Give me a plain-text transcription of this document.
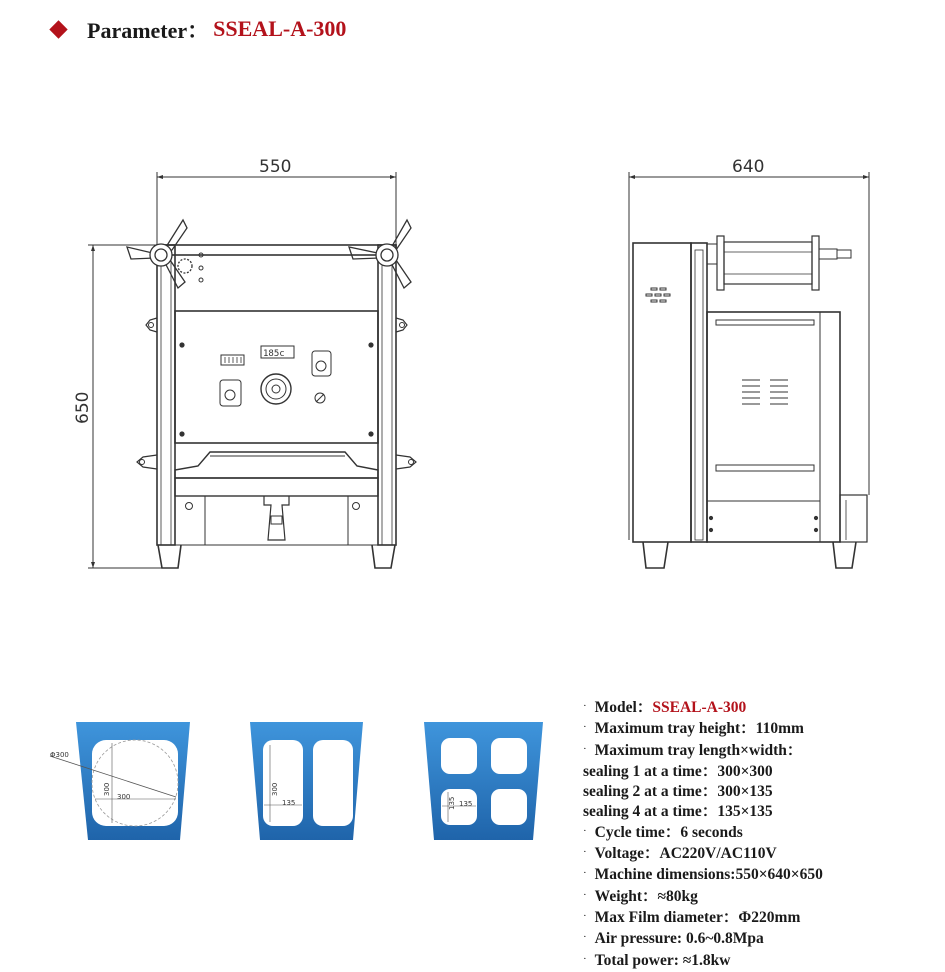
Parameter： SSEAL-A-300
550
650
185c
640
Φ300
300
300
300
135	135 135
· Model：SSEAL-A-300
· Maximum tray height：110mm
· Maximum tray length×width：
sealing 1 at a time：300×300
sealing 2 at a time：300×135
sealing 4 at a time：135×135
· Cycle time：6 seconds
· Voltage：AC220V/AC110V
· Machine dimensions:550×640×650
· Weight：≈80kg
· Max Film diameter：Φ220mm
· Air pressure: 0.6~0.8Mpa
· Total power: ≈1.8kw
